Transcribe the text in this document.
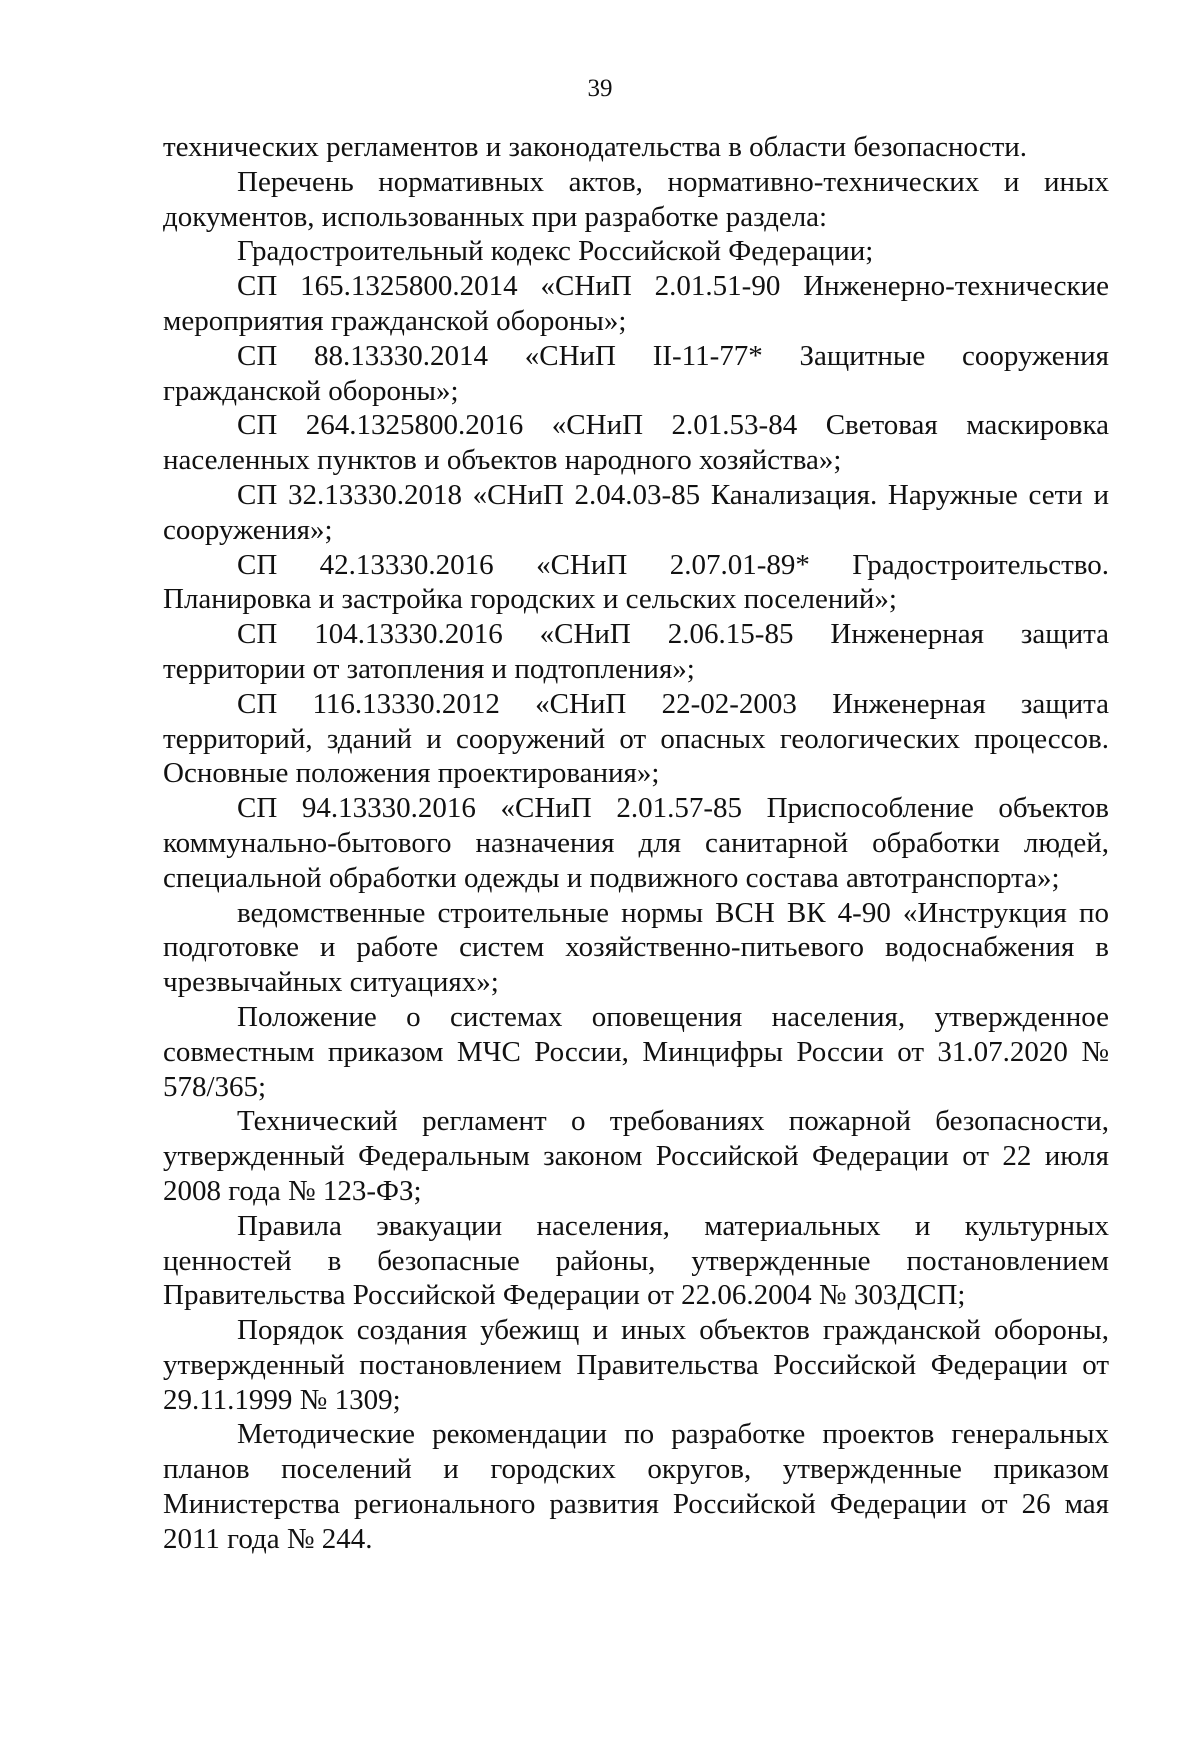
39

технических регламентов и законодательства в области безопасности.

Перечень нормативных актов, нормативно-технических и иных документов, использованных при разработке раздела:

Градостроительный кодекс Российской Федерации;

СП 165.1325800.2014 «СНиП 2.01.51-90 Инженерно-технические мероприятия гражданской обороны»;

СП 88.13330.2014 «СНиП II-11-77* Защитные сооружения гражданской обороны»;

СП 264.1325800.2016 «СНиП 2.01.53-84 Световая маскировка населенных пунктов и объектов народного хозяйства»;

СП 32.13330.2018 «СНиП 2.04.03-85 Канализация. Наружные сети и сооружения»;

СП 42.13330.2016 «СНиП 2.07.01-89* Градостроительство. Планировка и застройка городских и сельских поселений»;

СП 104.13330.2016 «СНиП 2.06.15-85 Инженерная защита территории от затопления и подтопления»;

СП 116.13330.2012 «СНиП 22-02-2003 Инженерная защита территорий, зданий и сооружений от опасных геологических процессов. Основные положения проектирования»;

СП 94.13330.2016 «СНиП 2.01.57-85 Приспособление объектов коммунально-бытового назначения для санитарной обработки людей, специальной обработки одежды и подвижного состава автотранспорта»;

ведомственные строительные нормы ВСН ВК 4-90 «Инструкция по подготовке и работе систем хозяйственно-питьевого водоснабжения в чрезвычайных ситуациях»;

Положение о системах оповещения населения, утвержденное совместным приказом МЧС России, Минцифры России от 31.07.2020 № 578/365;

Технический регламент о требованиях пожарной безопасности, утвержденный Федеральным законом Российской Федерации от 22 июля 2008 года № 123-ФЗ;

Правила эвакуации населения, материальных и культурных ценностей в безопасные районы, утвержденные постановлением Правительства Российской Федерации от 22.06.2004 № 303ДСП;

Порядок создания убежищ и иных объектов гражданской обороны, утвержденный постановлением Правительства Российской Федерации от 29.11.1999 № 1309;

Методические рекомендации по разработке проектов генеральных планов поселений и городских округов, утвержденные приказом Министерства регионального развития Российской Федерации от 26 мая 2011 года № 244.
